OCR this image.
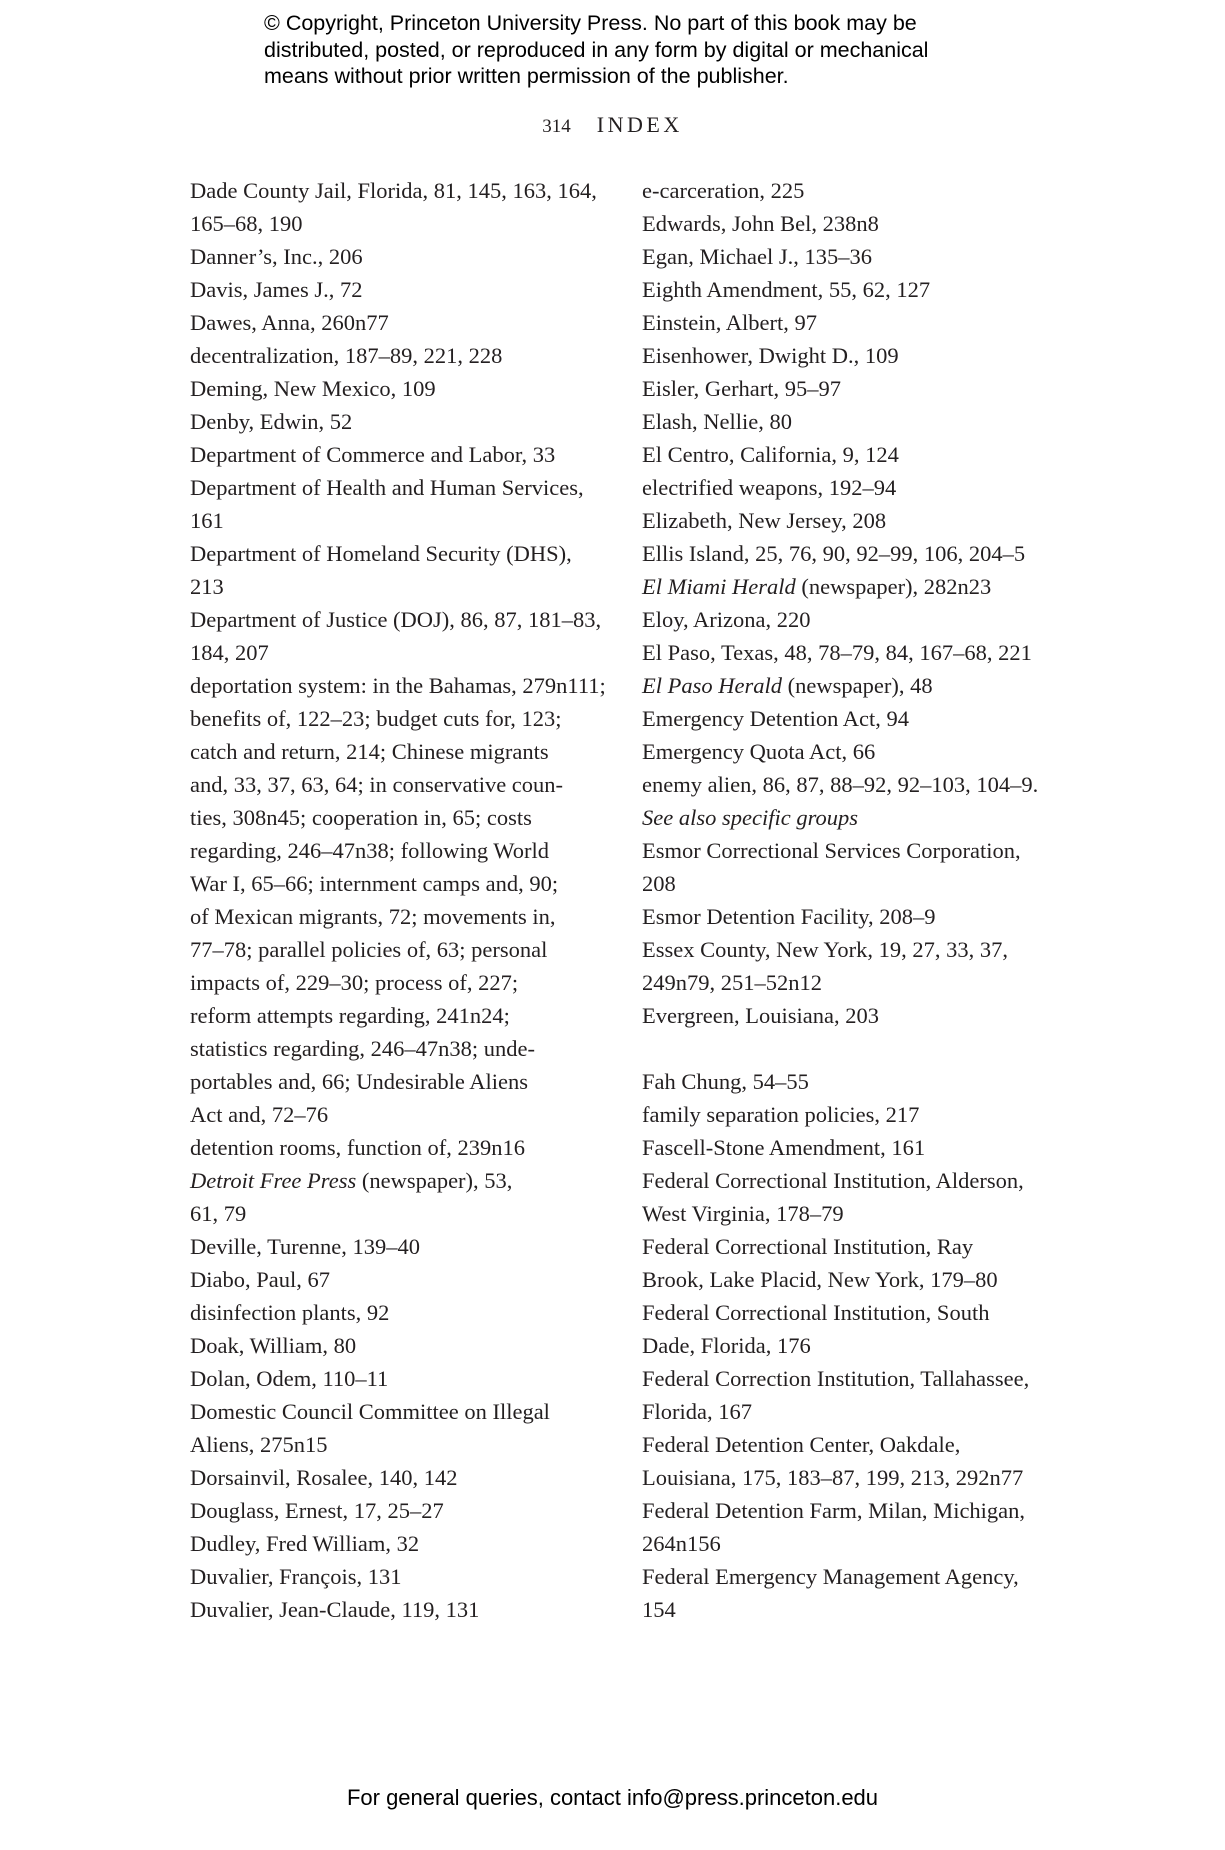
© Copyright, Princeton University Press. No part of this book may be
distributed, posted, or reproduced in any form by digital or mechanical
means without prior written permission of the publisher.
314 INDEX
Dade County Jail, Florida, 81, 145, 163, 164,
165–68, 190
Danner’s, Inc., 206
Davis, James J., 72
Dawes, Anna, 260n77
decentralization, 187–89, 221, 228
Deming, New Mexico, 109
Denby, Edwin, 52
Department of Commerce and Labor, 33
Department of Health and Human Services,
161
Department of Homeland Security (DHS),
213
Department of Justice (DOJ), 86, 87, 181–83,
184, 207
deportation system: in the Bahamas, 279n111;
benefits of, 122–23; budget cuts for, 123;
catch and return, 214; Chinese migrants
and, 33, 37, 63, 64; in conservative coun-
ties, 308n45; cooperation in, 65; costs
regarding, 246–47n38; following World
War I, 65–66; internment camps and, 90;
of Mexican migrants, 72; movements in,
77–78; parallel policies of, 63; personal
impacts of, 229–30; process of, 227;
reform attempts regarding, 241n24;
statistics regarding, 246–47n38; unde-
portables and, 66; Undesirable Aliens
Act and, 72–76
detention rooms, function of, 239n16
Detroit Free Press (newspaper), 53,
61, 79
Deville, Turenne, 139–40
Diabo, Paul, 67
disinfection plants, 92
Doak, William, 80
Dolan, Odem, 110–11
Domestic Council Committee on Illegal
Aliens, 275n15
Dorsainvil, Rosalee, 140, 142
Douglass, Ernest, 17, 25–27
Dudley, Fred William, 32
Duvalier, François, 131
Duvalier, Jean-Claude, 119, 131
e-carceration, 225
Edwards, John Bel, 238n8
Egan, Michael J., 135–36
Eighth Amendment, 55, 62, 127
Einstein, Albert, 97
Eisenhower, Dwight D., 109
Eisler, Gerhart, 95–97
Elash, Nellie, 80
El Centro, California, 9, 124
electrified weapons, 192–94
Elizabeth, New Jersey, 208
Ellis Island, 25, 76, 90, 92–99, 106, 204–5
El Miami Herald (newspaper), 282n23
Eloy, Arizona, 220
El Paso, Texas, 48, 78–79, 84, 167–68, 221
El Paso Herald (newspaper), 48
Emergency Detention Act, 94
Emergency Quota Act, 66
enemy alien, 86, 87, 88–92, 92–103, 104–9.
See also specific groups
Esmor Correctional Services Corporation,
208
Esmor Detention Facility, 208–9
Essex County, New York, 19, 27, 33, 37,
249n79, 251–52n12
Evergreen, Louisiana, 203
Fah Chung, 54–55
family separation policies, 217
Fascell-Stone Amendment, 161
Federal Correctional Institution, Alderson,
West Virginia, 178–79
Federal Correctional Institution, Ray
Brook, Lake Placid, New York, 179–80
Federal Correctional Institution, South
Dade, Florida, 176
Federal Correction Institution, Tallahassee,
Florida, 167
Federal Detention Center, Oakdale,
Louisiana, 175, 183–87, 199, 213, 292n77
Federal Detention Farm, Milan, Michigan,
264n156
Federal Emergency Management Agency,
154
For general queries, contact info@press.princeton.edu
